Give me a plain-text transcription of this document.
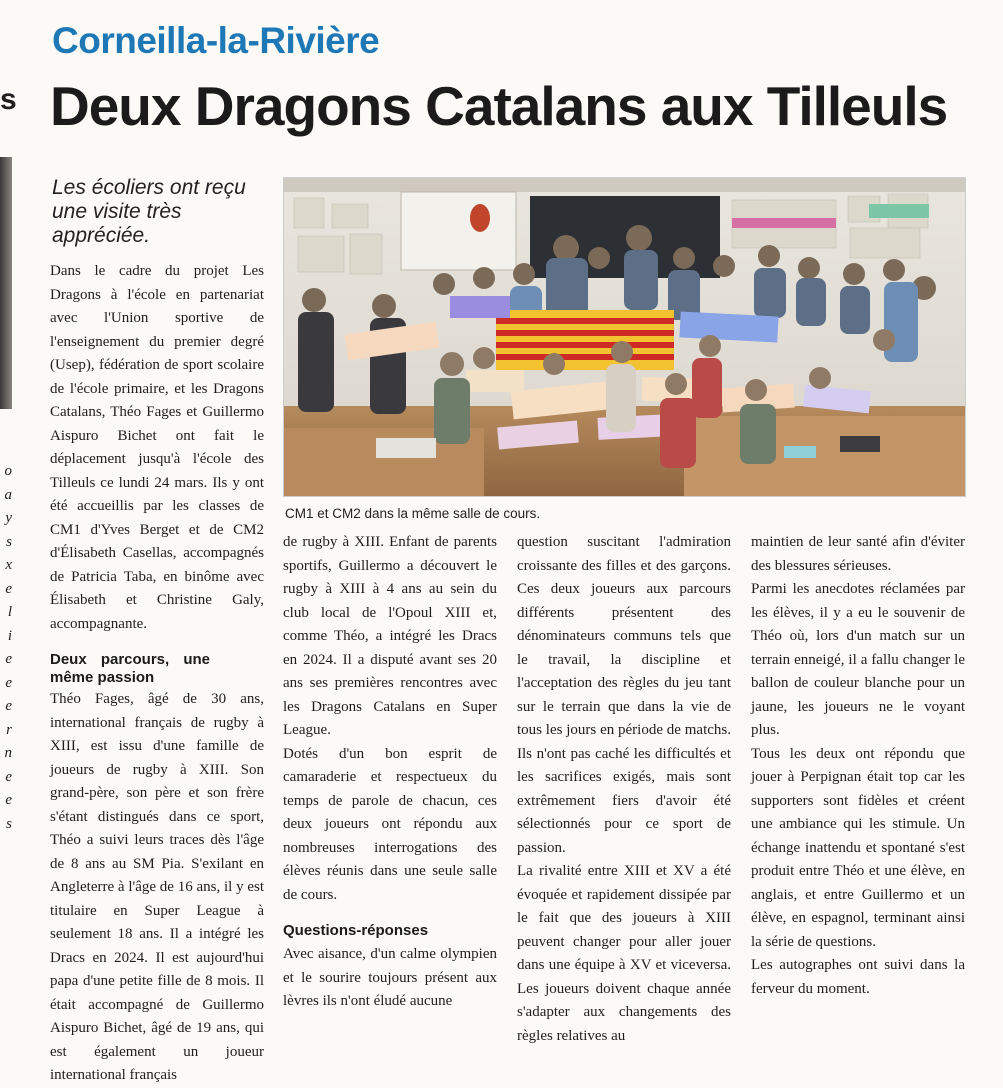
Corneilla-la-Rivière
Deux Dragons Catalans aux Tilleuls
s
o
a
y
s
x
e
l
i
e
e
e
r
n
e
e
s
Les écoliers ont reçu une visite très appréciée.
CM1 et CM2 dans la même salle de cours.

Dans le cadre du projet Les Dragons à l'école en partenariat avec l'Union sportive de l'enseignement du premier degré (Usep), fédération de sport scolaire de l'école primaire, et les Dragons Catalans, Théo Fages et Guillermo Aispuro Bichet ont fait le déplacement jusqu'à l'école des Tilleuls ce lundi 24 mars. Ils y ont été accueillis par les classes de CM1 d'Yves Berget et de CM2 d'Élisabeth Casellas, accompagnés de Patricia Taba, en binôme avec Élisabeth et Christine Galy, accompagnante.

Deux parcours, une même passion

Théo Fages, âgé de 30 ans, international français de rugby à XIII, est issu d'une famille de joueurs de rugby à XIII. Son grand-père, son père et son frère s'étant distingués dans ce sport, Théo a suivi leurs traces dès l'âge de 8 ans au SM Pia. S'exilant en Angleterre à l'âge de 16 ans, il y est titulaire en Super League à seulement 18 ans. Il a intégré les Dracs en 2024. Il est aujourd'hui papa d'une petite fille de 8 mois. Il était accompagné de Guillermo Aispuro Bichet, âgé de 19 ans, qui est également un joueur international français

de rugby à XIII. Enfant de parents sportifs, Guillermo a découvert le rugby à XIII à 4 ans au sein du club local de l'Opoul XIII et, comme Théo, a intégré les Dracs en 2024. Il a disputé avant ses 20 ans ses premières rencontres avec les Dragons Catalans en Super League.

Dotés d'un bon esprit de camaraderie et respectueux du temps de parole de chacun, ces deux joueurs ont répondu aux nombreuses interrogations des élèves réunis dans une seule salle de cours.

Questions-réponses

Avec aisance, d'un calme olympien et le sourire toujours présent aux lèvres ils n'ont éludé aucune

question suscitant l'admiration croissante des filles et des garçons. Ces deux joueurs aux parcours différents présentent des dénominateurs communs tels que le travail, la discipline et l'acceptation des règles du jeu tant sur le terrain que dans la vie de tous les jours en période de matchs. Ils n'ont pas caché les difficultés et les sacrifices exigés, mais sont extrêmement fiers d'avoir été sélectionnés pour ce sport de passion.

La rivalité entre XIII et XV a été évoquée et rapidement dissipée par le fait que des joueurs à XIII peuvent changer pour aller jouer dans une équipe à XV et viceversa. Les joueurs doivent chaque année s'adapter aux changements des règles relatives au

maintien de leur santé afin d'éviter des blessures sérieuses.

Parmi les anecdotes réclamées par les élèves, il y a eu le souvenir de Théo où, lors d'un match sur un terrain enneigé, il a fallu changer le ballon de couleur blanche pour un jaune, les joueurs ne le voyant plus.

Tous les deux ont répondu que jouer à Perpignan était top car les supporters sont fidèles et créent une ambiance qui les stimule. Un échange inattendu et spontané s'est produit entre Théo et une élève, en anglais, et entre Guillermo et un élève, en espagnol, terminant ainsi la série de questions.

Les autographes ont suivi dans la ferveur du moment.
